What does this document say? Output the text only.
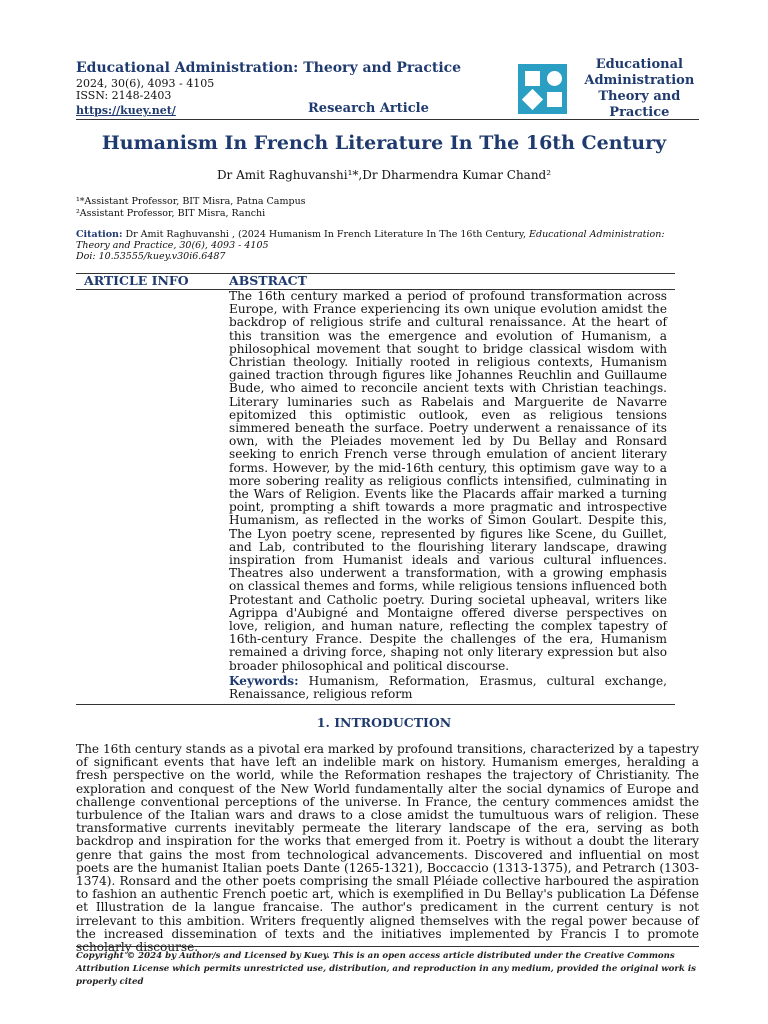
Educational Administration: Theory and Practice
2024, 30(6), 4093 - 4105
ISSN: 2148-2403
https://kuey.net/	Research Article
Educational
Administration
Theory and Practice
Humanism In French Literature In The 16th Century
Dr Amit Raghuvanshi¹*,Dr Dharmendra Kumar Chand²
¹*Assistant Professor, BIT Misra, Patna Campus
²Assistant Professor, BIT Misra, Ranchi
Citation: Dr Amit Raghuvanshi , (2024 Humanism In French Literature In The 16th Century, Educational Administration: Theory and Practice, 30(6), 4093 - 4105
Doi: 10.53555/kuey.v30i6.6487
ARTICLE INFO	ABSTRACT
The 16th century marked a period of profound transformation across Europe, with France experiencing its own unique evolution amidst the backdrop of religious strife and cultural renaissance. At the heart of this transition was the emergence and evolution of Humanism, a philosophical movement that sought to bridge classical wisdom with Christian theology. Initially rooted in religious contexts, Humanism gained traction through figures like Johannes Reuchlin and Guillaume Bude, who aimed to reconcile ancient texts with Christian teachings. Literary luminaries such as Rabelais and Marguerite de Navarre epitomized this optimistic outlook, even as religious tensions simmered beneath the surface. Poetry underwent a renaissance of its own, with the Pleiades movement led by Du Bellay and Ronsard seeking to enrich French verse through emulation of ancient literary forms. However, by the mid-16th century, this optimism gave way to a more sobering reality as religious conflicts intensified, culminating in the Wars of Religion. Events like the Placards affair marked a turning point, prompting a shift towards a more pragmatic and introspective Humanism, as reflected in the works of Simon Goulart. Despite this, The Lyon poetry scene, represented by figures like Scene, du Guillet, and Lab, contributed to the flourishing literary landscape, drawing inspiration from Humanist ideals and various cultural influences. Theatres also underwent a transformation, with a growing emphasis on classical themes and forms, while religious tensions influenced both Protestant and Catholic poetry. During societal upheaval, writers like Agrippa d'Aubigné and Montaigne offered diverse perspectives on love, religion, and human nature, reflecting the complex tapestry of 16th-century France. Despite the challenges of the era, Humanism remained a driving force, shaping not only literary expression but also broader philosophical and political discourse.
Keywords: Humanism, Reformation, Erasmus, cultural exchange, Renaissance, religious reform
1. INTRODUCTION
The 16th century stands as a pivotal era marked by profound transitions, characterized by a tapestry of significant events that have left an indelible mark on history. Humanism emerges, heralding a fresh perspective on the world, while the Reformation reshapes the trajectory of Christianity. The exploration and conquest of the New World fundamentally alter the social dynamics of Europe and challenge conventional perceptions of the universe. In France, the century commences amidst the turbulence of the Italian wars and draws to a close amidst the tumultuous wars of religion. These transformative currents inevitably permeate the literary landscape of the era, serving as both backdrop and inspiration for the works that emerged from it. Poetry is without a doubt the literary genre that gains the most from technological advancements. Discovered and influential on most poets are the humanist Italian poets Dante (1265-1321), Boccaccio (1313-1375), and Petrarch (1303-1374). Ronsard and the other poets comprising the small Pléiade collective harboured the aspiration to fashion an authentic French poetic art, which is exemplified in Du Bellay's publication La Défense et Illustration de la langue francaise. The author's predicament in the current century is not irrelevant to this ambition. Writers frequently aligned themselves with the regal power because of the increased dissemination of texts and the initiatives implemented by Francis I to promote scholarly discourse.
Copyright © 2024 by Author/s and Licensed by Kuey. This is an open access article distributed under the Creative Commons Attribution License which permits unrestricted use, distribution, and reproduction in any medium, provided the original work is properly cited
